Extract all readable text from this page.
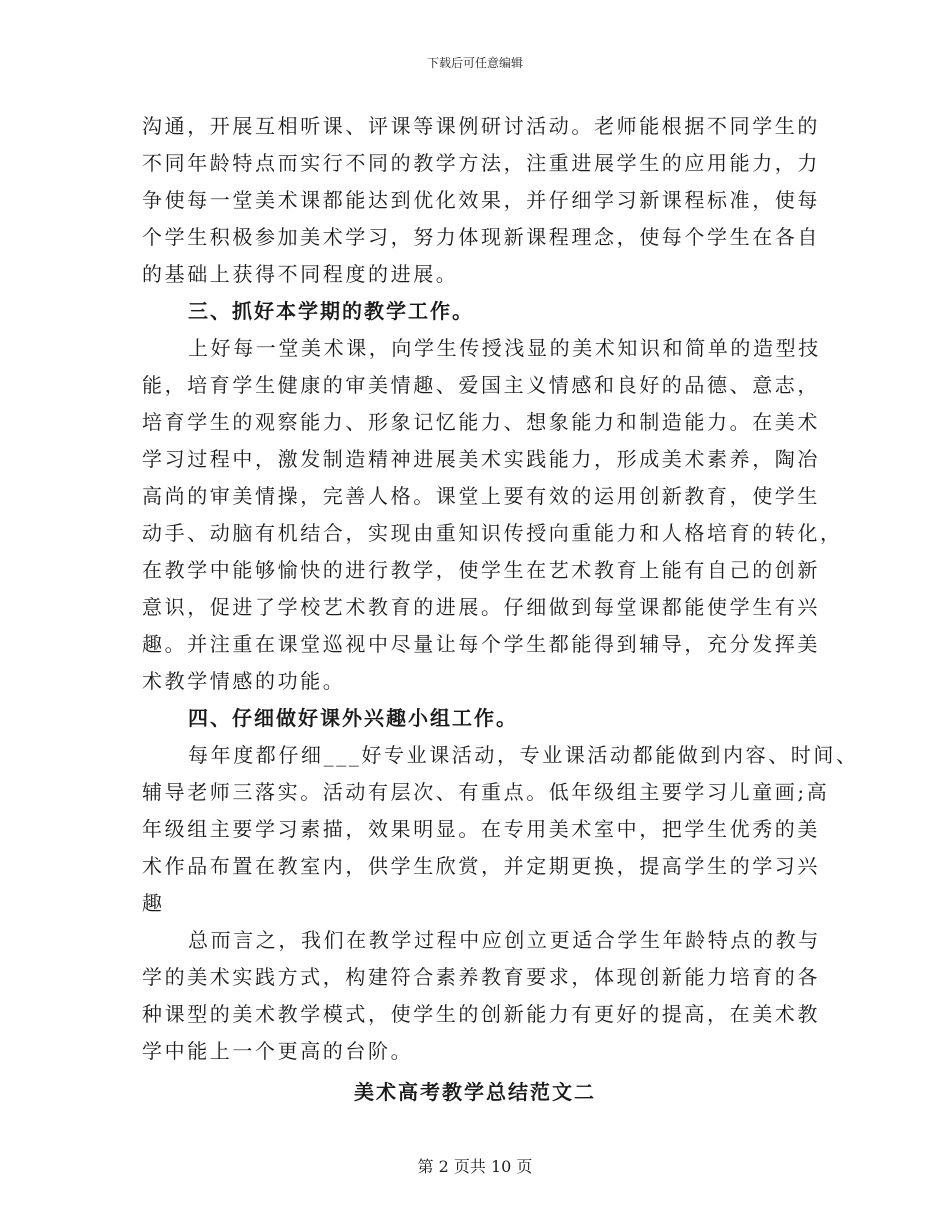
下载后可任意编辑
沟通，开展互相听课、评课等课例研讨活动。老师能根据不同学生的
不同年龄特点而实行不同的教学方法，注重进展学生的应用能力，力
争使每一堂美术课都能达到优化效果，并仔细学习新课程标准，使每
个学生积极参加美术学习，努力体现新课程理念，使每个学生在各自
的基础上获得不同程度的进展。
三、抓好本学期的教学工作。
上好每一堂美术课，向学生传授浅显的美术知识和简单的造型技
能，培育学生健康的审美情趣、爱国主义情感和良好的品德、意志，
培育学生的观察能力、形象记忆能力、想象能力和制造能力。在美术
学习过程中，激发制造精神进展美术实践能力，形成美术素养，陶冶
高尚的审美情操，完善人格。课堂上要有效的运用创新教育，使学生
动手、动脑有机结合，实现由重知识传授向重能力和人格培育的转化，
在教学中能够愉快的进行教学，使学生在艺术教育上能有自己的创新
意识，促进了学校艺术教育的进展。仔细做到每堂课都能使学生有兴
趣。并注重在课堂巡视中尽量让每个学生都能得到辅导，充分发挥美
术教学情感的功能。
四、仔细做好课外兴趣小组工作。
每年度都仔细___好专业课活动，专业课活动都能做到内容、时间、
辅导老师三落实。活动有层次、有重点。低年级组主要学习儿童画;高
年级组主要学习素描，效果明显。在专用美术室中，把学生优秀的美
术作品布置在教室内，供学生欣赏，并定期更换，提高学生的学习兴
趣
总而言之，我们在教学过程中应创立更适合学生年龄特点的教与
学的美术实践方式，构建符合素养教育要求，体现创新能力培育的各
种课型的美术教学模式，使学生的创新能力有更好的提高，在美术教
学中能上一个更高的台阶。
美术高考教学总结范文二
第 2 页共 10 页
